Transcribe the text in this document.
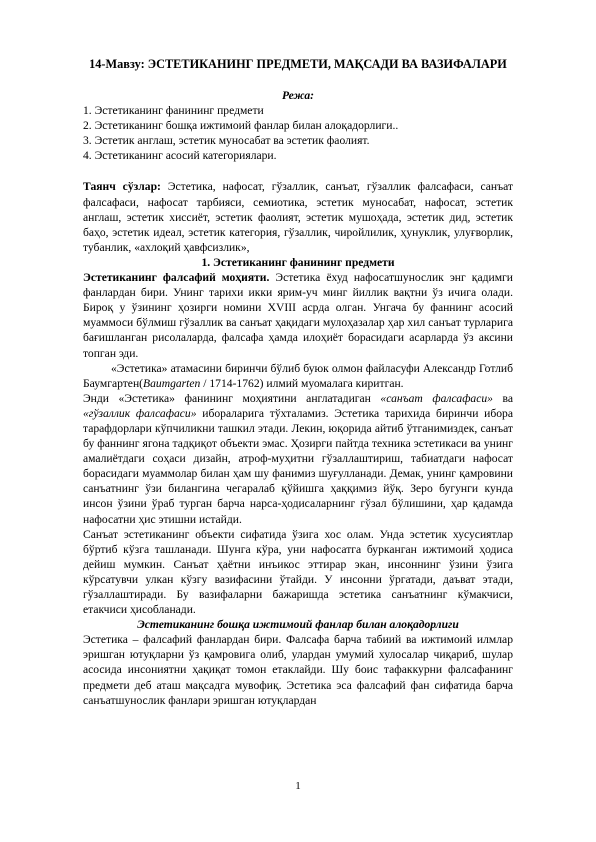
14-Мавзу: ЭСТЕТИКАНИНГ ПРЕДМЕТИ, МАҚСАДИ ВА ВАЗИФАЛАРИ

Режа:

1. Эстетиканинг фанининг предмети
2. Эстетиканинг бошқа ижтимоий фанлар билан алоқадорлиги..
3. Эстетик англаш, эстетик муносабат ва эстетик фаолият.
4. Эстетиканинг асосий категориялари.

Таянч сўзлар: Эстетика, нафосат, гўзаллик, санъат, гўзаллик фалсафаси, санъат фалсафаси, нафосат тарбияси, семиотика, эстетик муносабат, нафосат, эстетик англаш, эстетик хиссиёт, эстетик фаолият, эстетик мушоҳада, эстетик дид, эстетик баҳо, эстетик идеал, эстетик категория, гўзаллик, чиройлилик, ҳунуклик, улуғворлик, тубанлик, «ахлоқий ҳавфсизлик»,

1. Эстетиканинг фанининг предмети

Эстетиканинг фалсафий моҳияти. Эстетика ёхуд нафосатшунослик энг қадимги фанлардан бири. Унинг тарихи икки ярим-уч минг йиллик вақтни ўз ичига олади. Бироқ у ўзининг ҳозирги номини XVIII асрда олган. Унгача бу фаннинг асосий муаммоси бўлмиш гўзаллик ва санъат ҳақидаги мулоҳазалар ҳар хил санъат турларига бағишланган рисолаларда, фалсафа ҳамда илоҳиёт борасидаги асарларда ўз аксини топган эди.

«Эстетика» атамасини биринчи бўлиб буюк олмон файласуфи Александр Готлиб Баумгартен(Baumgarten / 1714-1762) илмий муомалага киритган.

Энди «Эстетика» фанининг моҳиятини англатадиган «санъат фалсафаси» ва «гўзаллик фалсафаси» ибораларига тўхталамиз. Эстетика тарихида биринчи ибора тарафдорлари кўпчиликни ташкил этади. Лекин, юқорида айтиб ўтганимиздек, санъат бу фаннинг ягона тадқиқот объекти эмас. Ҳозирги пайтда техника эстетикаси ва унинг амалиётдаги соҳаси дизайн, атроф-муҳитни гўзаллаштириш, табиатдаги нафосат борасидаги муаммолар билан ҳам шу фанимиз шуғулланади. Демак, унинг қамровини санъатнинг ўзи билангина чегаралаб қўйишга ҳаққимиз йўқ. Зеро бугунги кунда инсон ўзини ўраб турган барча нарса-ҳодисаларнинг гўзал бўлишини, ҳар қадамда нафосатни ҳис этишни истайди.

Санъат эстетиканинг объекти сифатида ўзига хос олам. Унда эстетик хусусиятлар бўртиб кўзга ташланади. Шунга кўра, уни нафосатга бурканган ижтимоий ҳодиса дейиш мумкин. Санъат ҳаётни инъикос эттирар экан, инсоннинг ўзини ўзига кўрсатувчи улкан кўзгу вазифасини ўтайди. У инсонни ўргатади, даъват этади, гўзаллаштиради. Бу вазифаларни бажаришда эстетика санъатнинг кўмакчиси, етакчиси ҳисобланади.

Эстетиканинг бошқа ижтимоий фанлар билан алоқадорлиги

Эстетика – фалсафий фанлардан бири. Фалсафа барча табиий ва ижтимоий илмлар эришган ютуқларни ўз қамровига олиб, улардан умумий хулосалар чиқариб, шулар асосида инсониятни ҳақиқат томон етаклайди. Шу боис тафаккурни фалсафанинг предмети деб аташ мақсадга мувофиқ. Эстетика эса фалсафий фан сифатида барча санъатшунослик фанлари эришган ютуқлардан

1
